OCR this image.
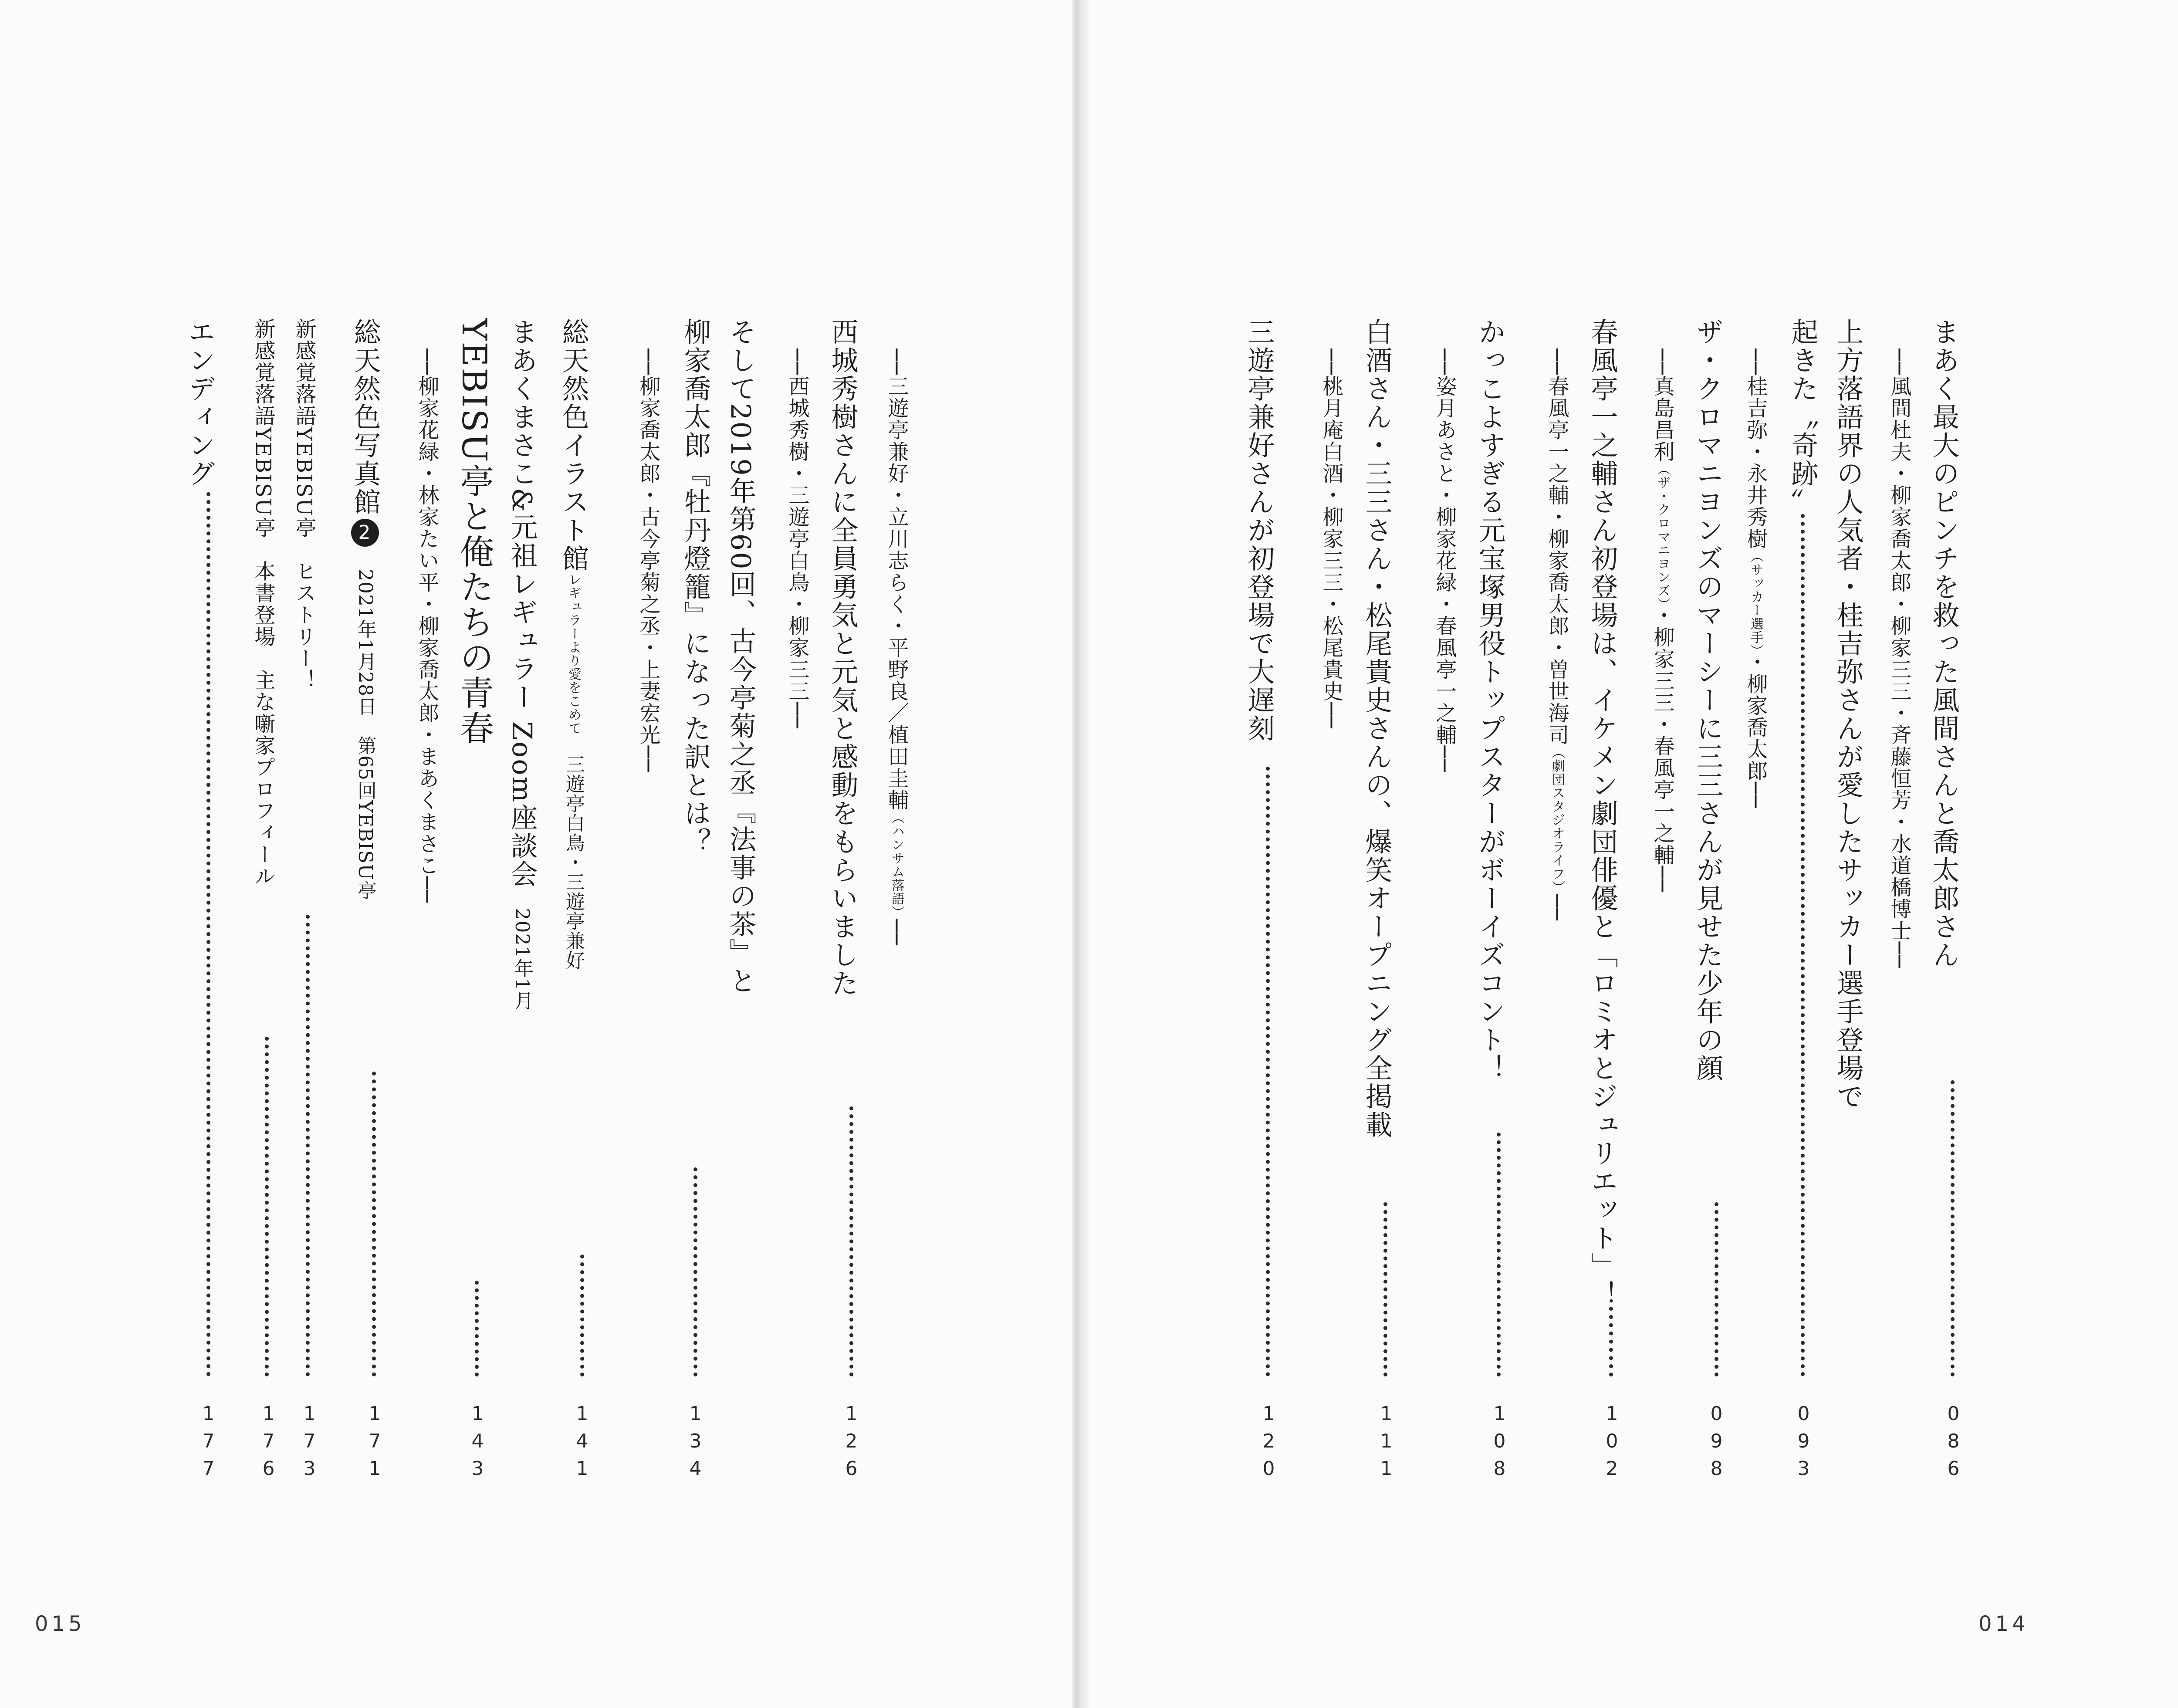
まあく最大のピンチを救った風間さんと喬太郎さん
──風間杜夫・柳家喬太郎・柳家三三・斉藤恒芳・水道橋博士──
086
上方落語界の人気者・桂吉弥さんが愛したサッカー選手登場で
起きた〝奇跡〟
──桂吉弥・永井秀樹（サッカー選手）・柳家喬太郎──
093
ザ・クロマニヨンズのマーシーに三三さんが見せた少年の顔
──真島昌利（ザ・クロマニヨンズ）・柳家三三・春風亭一之輔──
098
春風亭一之輔さん初登場は、イケメン劇団俳優と「ロミオとジュリエット」！
──春風亭一之輔・柳家喬太郎・曽世海司（劇団スタジオライフ）──
102
かっこよすぎる元宝塚男役トップスターがボーイズコント！
──姿月あさと・柳家花緑・春風亭一之輔──
108
白酒さん・三三さん・松尾貴史さんの、爆笑オープニング全掲載
──桃月庵白酒・柳家三三・松尾貴史──
111
三遊亭兼好さんが初登場で大遅刻
120
014
──三遊亭兼好・立川志らく・平野良／植田圭輔（ハンサム落語）──
西城秀樹さんに全員勇気と元気と感動をもらいました
──西城秀樹・三遊亭白鳥・柳家三三──
126
そして2019年第60回、古今亭菊之丞『法事の茶』と
柳家喬太郎『牡丹燈籠』になった訳とは？
──柳家喬太郎・古今亭菊之丞・上妻宏光──
134
総天然色イラスト館レギュラーより愛をこめて　三遊亭白鳥・三遊亭兼好
141
まあくまさこ&元祖レギュラー Zoom座談会　2021年1月
YEBISU亭と俺たちの青春
──柳家花緑・林家たい平・柳家喬太郎・まあくまさこ──
143
総天然色写真館2　2021年1月28日　第65回YEBISU亭
171
新感覚落語YEBISU亭　ヒストリー！
173
新感覚落語YEBISU亭　本書登場　主な噺家プロフィール
176
エンディング
177
015
